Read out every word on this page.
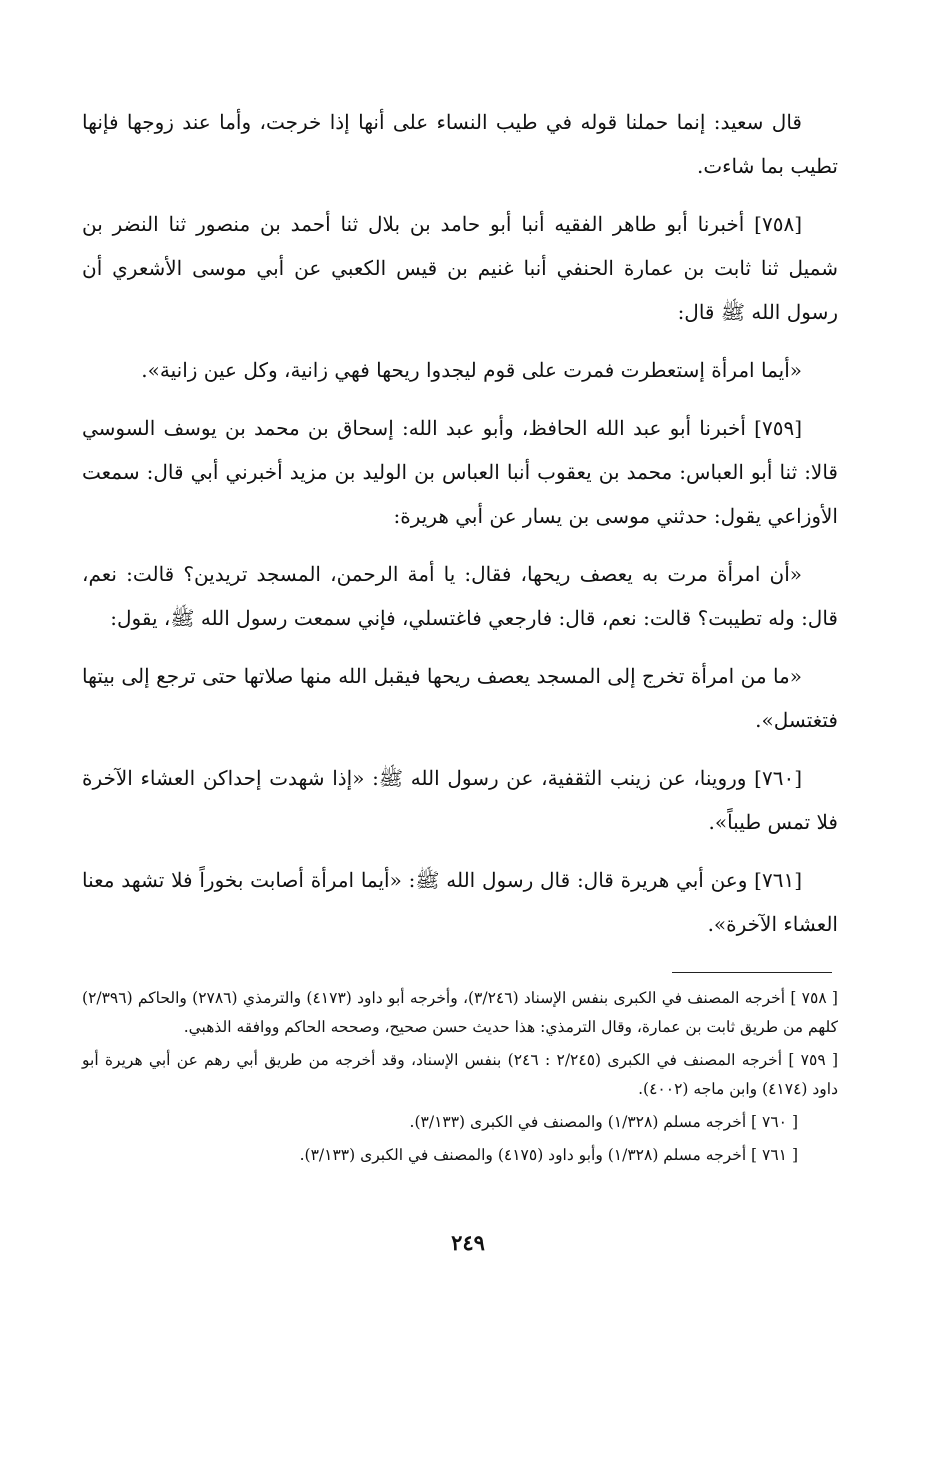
قال سعيد: إنما حملنا قوله في طيب النساء على أنها إذا خرجت، وأما عند زوجها فإنها تطيب بما شاءت.

[٧٥٨] أخبرنا أبو طاهر الفقيه أنبا أبو حامد بن بلال ثنا أحمد بن منصور ثنا النضر بن شميل ثنا ثابت بن عمارة الحنفي أنبا غنيم بن قيس الكعبي عن أبي موسى الأشعري أن رسول الله ﷺ قال:

«أيما امرأة إستعطرت فمرت على قوم ليجدوا ريحها فهي زانية، وكل عين زانية».

[٧٥٩] أخبرنا أبو عبد الله الحافظ، وأبو عبد الله: إسحاق بن محمد بن يوسف السوسي قالا: ثنا أبو العباس: محمد بن يعقوب أنبا العباس بن الوليد بن مزيد أخبرني أبي قال: سمعت الأوزاعي يقول: حدثني موسى بن يسار عن أبي هريرة:

«أن امرأة مرت به يعصف ريحها، فقال: يا أمة الرحمن، المسجد تريدين؟ قالت: نعم، قال: وله تطيبت؟ قالت: نعم، قال: فارجعي فاغتسلي، فإني سمعت رسول الله ﷺ، يقول:

«ما من امرأة تخرج إلى المسجد يعصف ريحها فيقبل الله منها صلاتها حتى ترجع إلى بيتها فتغتسل».

[٧٦٠] وروينا، عن زينب الثقفية، عن رسول الله ﷺ: «إذا شهدت إحداكن العشاء الآخرة فلا تمس طيباً».

[٧٦١] وعن أبي هريرة قال: قال رسول الله ﷺ: «أيما امرأة أصابت بخوراً فلا تشهد معنا العشاء الآخرة».

[ ٧٥٨ ] أخرجه المصنف في الكبرى بنفس الإسناد (٣/٢٤٦)، وأخرجه أبو داود (٤١٧٣) والترمذي (٢٧٨٦) والحاكم (٢/٣٩٦) كلهم من طريق ثابت بن عمارة، وقال الترمذي: هذا حديث حسن صحيح، وصححه الحاكم ووافقه الذهبي.

[ ٧٥٩ ] أخرجه المصنف في الكبرى (٢/٢٤٥ : ٢٤٦) بنفس الإسناد، وقد أخرجه من طريق أبي رهم عن أبي هريرة أبو داود (٤١٧٤) وابن ماجه (٤٠٠٢).

[ ٧٦٠ ] أخرجه مسلم (١/٣٢٨) والمصنف في الكبرى (٣/١٣٣).

[ ٧٦١ ] أخرجه مسلم (١/٣٢٨) وأبو داود (٤١٧٥) والمصنف في الكبرى (٣/١٣٣).

٢٤٩
